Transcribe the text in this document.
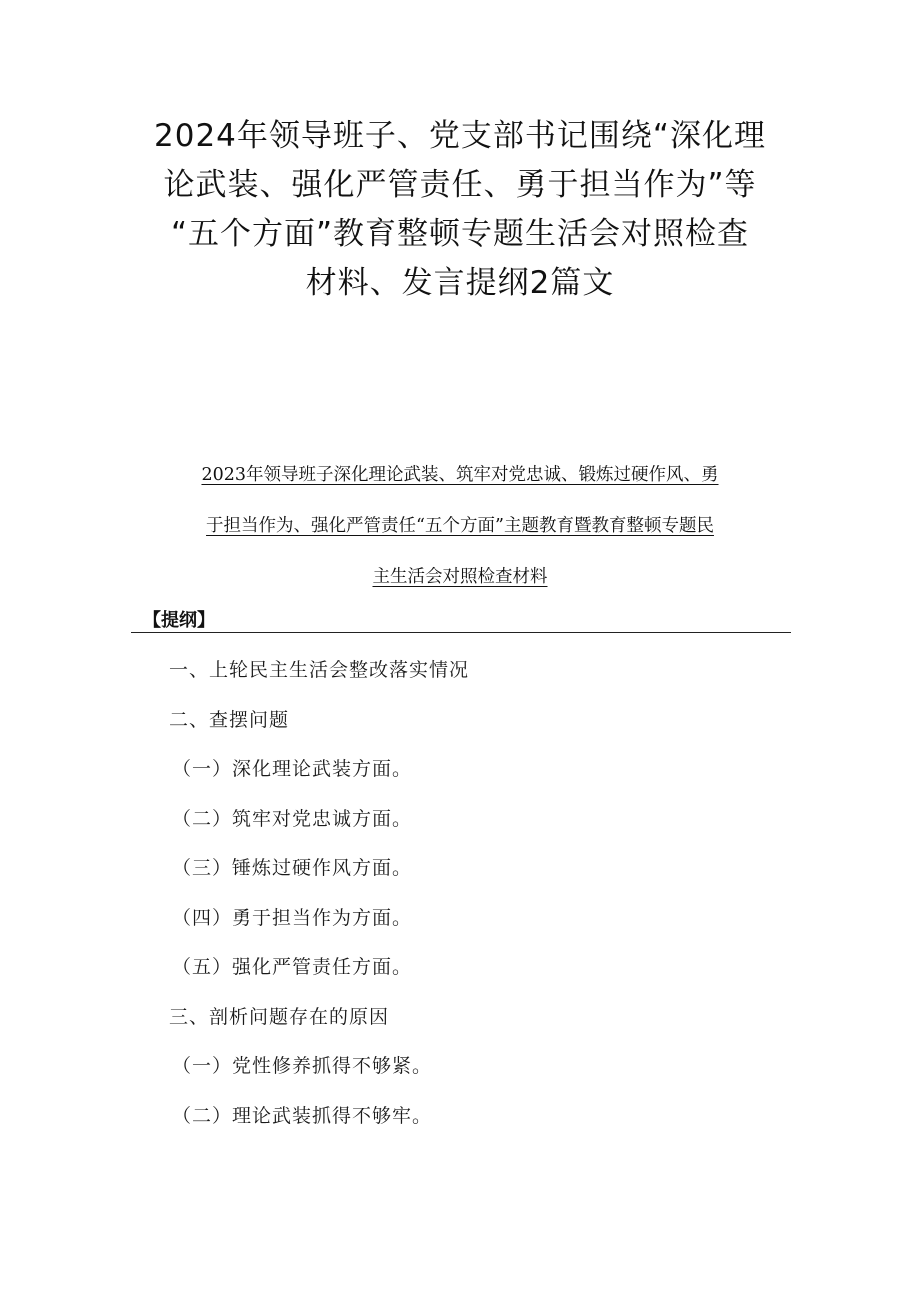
2024年领导班子、党支部书记围绕“深化理
论武装、强化严管责任、勇于担当作为”等
“五个方面”教育整顿专题生活会对照检查
材料、发言提纲2篇文
2023年领导班子深化理论武装、筑牢对党忠诚、锻炼过硬作风、勇
于担当作为、强化严管责任“五个方面”主题教育暨教育整顿专题民
主生活会对照检查材料
【提纲】
一、上轮民主生活会整改落实情况
二、查摆问题
（一）深化理论武装方面。
（二）筑牢对党忠诚方面。
（三）锤炼过硬作风方面。
（四）勇于担当作为方面。
（五）强化严管责任方面。
三、剖析问题存在的原因
（一）党性修养抓得不够紧。
（二）理论武装抓得不够牢。
